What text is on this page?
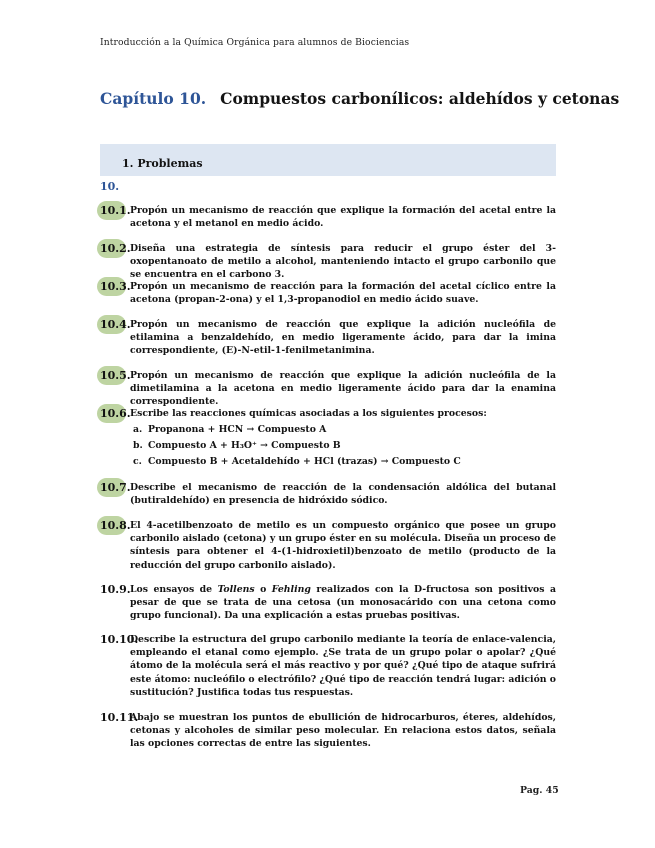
Introducción a la Química Orgánica para alumnos de Biociencias
Capítulo 10. Compuestos carbonílicos: aldehídos y cetonas
1. Problemas
10.
10.1. Propón un mecanismo de reacción que explique la formación del acetal entre la acetona y el metanol en medio ácido.
10.2. Diseña una estrategia de síntesis para reducir el grupo éster del 3-oxopentanoato de metilo a alcohol, manteniendo intacto el grupo carbonilo que se encuentra en el carbono 3.
10.3. Propón un mecanismo de reacción para la formación del acetal cíclico entre la acetona (propan-2-ona) y el 1,3-propanodiol en medio ácido suave.
10.4. Propón un mecanismo de reacción que explique la adición nucleófila de etilamina a benzaldehído, en medio ligeramente ácido, para dar la imina correspondiente, (E)-N-etil-1-fenilmetanimina.
10.5. Propón un mecanismo de reacción que explique la adición nucleófila de la dimetilamina a la acetona en medio ligeramente ácido para dar la enamina correspondiente.
10.6. Escribe las reacciones químicas asociadas a los siguientes procesos:
a. Propanona + HCN → Compuesto A
b. Compuesto A + H₃O⁺ → Compuesto B
c. Compuesto B + Acetaldehído + HCl (trazas) → Compuesto C
10.7. Describe el mecanismo de reacción de la condensación aldólica del butanal (butiraldehído) en presencia de hidróxido sódico.
10.8. El 4-acetilbenzoato de metilo es un compuesto orgánico que posee un grupo carbonilo aislado (cetona) y un grupo éster en su molécula. Diseña un proceso de síntesis para obtener el 4-(1-hidroxietil)benzoato de metilo (producto de la reducción del grupo carbonilo aislado).
10.9. Los ensayos de Tollens o Fehling realizados con la D-fructosa son positivos a pesar de que se trata de una cetosa (un monosacárido con una cetona como grupo funcional). Da una explicación a estas pruebas positivas.
10.10.
Describe la estructura del grupo carbonilo mediante la teoría de enlace-valencia, empleando el etanal como ejemplo. ¿Se trata de un grupo polar o apolar? ¿Qué átomo de la molécula será el más reactivo y por qué? ¿Qué tipo de ataque sufrirá este átomo: nucleófilo o electrófilo? ¿Qué tipo de reacción tendrá lugar: adición o sustitución? Justifica todas tus respuestas.
10.11.
Abajo se muestran los puntos de ebullición de hidrocarburos, éteres, aldehídos, cetonas y alcoholes de similar peso molecular. En relaciona estos datos, señala las opciones correctas de entre las siguientes.
Pag. 45
